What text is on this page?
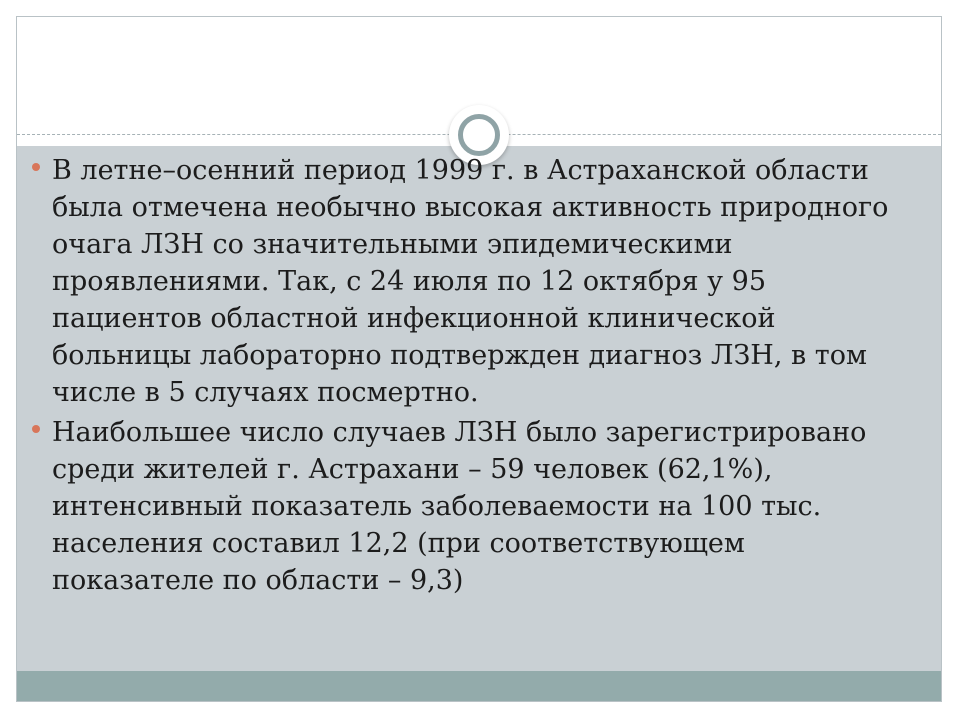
В летне–осенний период 1999 г. в Астраханской области была отмечена необычно высокая активность природного очага ЛЗН со значительными эпидемическими проявлениями. Так, с 24 июля по 12 октября у 95 пациентов областной инфекционной клинической больницы лабораторно подтвержден диагноз ЛЗН, в том числе в 5 случаях посмертно.
Наибольшее число случаев ЛЗН было зарегистрировано среди жителей г. Астрахани – 59 человек (62,1%), интенсивный показатель заболеваемости на 100 тыс. населения составил 12,2 (при соответствующем показателе по области – 9,3)
